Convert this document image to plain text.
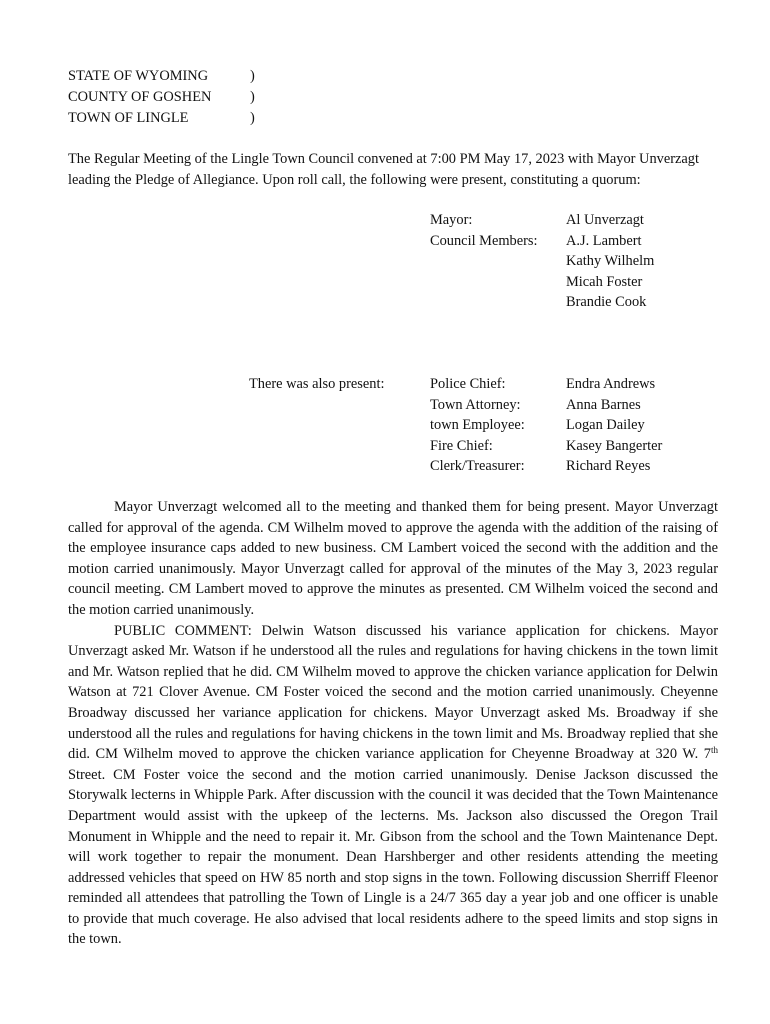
STATE OF WYOMING	)
COUNTY OF GOSHEN	)
TOWN OF LINGLE	)
The Regular Meeting of the Lingle Town Council convened at 7:00 PM May 17, 2023 with Mayor Unverzagt leading the Pledge of Allegiance. Upon roll call, the following were present, constituting a quorum:
Mayor:	Al Unverzagt
Council Members:	A.J. Lambert
Kathy Wilhelm
Micah Foster
Brandie Cook
There was also present:	Police Chief:	Endra Andrews
Town Attorney:	Anna Barnes
town Employee:	Logan Dailey
Fire Chief:	Kasey Bangerter
Clerk/Treasurer:	Richard Reyes

Mayor Unverzagt welcomed all to the meeting and thanked them for being present. Mayor Unverzagt called for approval of the agenda. CM Wilhelm moved to approve the agenda with the addition of the raising of the employee insurance caps added to new business. CM Lambert voiced the second with the addition and the motion carried unanimously. Mayor Unverzagt called for approval of the minutes of the May 3, 2023 regular council meeting. CM Lambert moved to approve the minutes as presented. CM Wilhelm voiced the second and the motion carried unanimously.

PUBLIC COMMENT: Delwin Watson discussed his variance application for chickens. Mayor Unverzagt asked Mr. Watson if he understood all the rules and regulations for having chickens in the town limit and Mr. Watson replied that he did. CM Wilhelm moved to approve the chicken variance application for Delwin Watson at 721 Clover Avenue. CM Foster voiced the second and the motion carried unanimously. Cheyenne Broadway discussed her variance application for chickens. Mayor Unverzagt asked Ms. Broadway if she understood all the rules and regulations for having chickens in the town limit and Ms. Broadway replied that she did. CM Wilhelm moved to approve the chicken variance application for Cheyenne Broadway at 320 W. 7th Street. CM Foster voice the second and the motion carried unanimously. Denise Jackson discussed the Storywalk lecterns in Whipple Park. After discussion with the council it was decided that the Town Maintenance Department would assist with the upkeep of the lecterns. Ms. Jackson also discussed the Oregon Trail Monument in Whipple and the need to repair it. Mr. Gibson from the school and the Town Maintenance Dept. will work together to repair the monument. Dean Harshberger and other residents attending the meeting addressed vehicles that speed on HW 85 north and stop signs in the town. Following discussion Sherriff Fleenor reminded all attendees that patrolling the Town of Lingle is a 24/7 365 day a year job and one officer is unable to provide that much coverage. He also advised that local residents adhere to the speed limits and stop signs in the town.
